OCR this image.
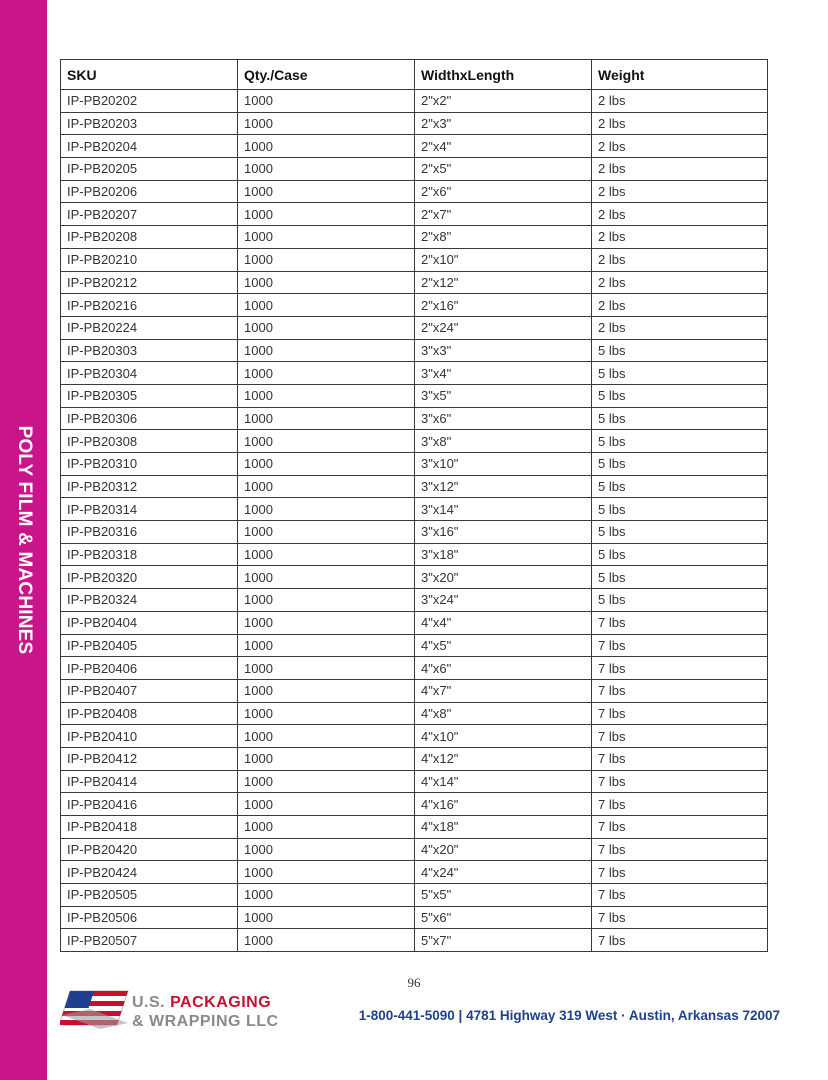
POLY FILM & MACHINES
SKU	Qty./Case	WidthxLength	Weight
IP-PB20202	1000	2"x2"	2 lbs
IP-PB20203	1000	2"x3"	2 lbs
IP-PB20204	1000	2"x4"	2 lbs
IP-PB20205	1000	2"x5"	2 lbs
IP-PB20206	1000	2"x6"	2 lbs
IP-PB20207	1000	2"x7"	2 lbs
IP-PB20208	1000	2"x8"	2 lbs
IP-PB20210	1000	2"x10"	2 lbs
IP-PB20212	1000	2"x12"	2 lbs
IP-PB20216	1000	2"x16"	2 lbs
IP-PB20224	1000	2"x24"	2 lbs
IP-PB20303	1000	3"x3"	5 lbs
IP-PB20304	1000	3"x4"	5 lbs
IP-PB20305	1000	3"x5"	5 lbs
IP-PB20306	1000	3"x6"	5 lbs
IP-PB20308	1000	3"x8"	5 lbs
IP-PB20310	1000	3"x10"	5 lbs
IP-PB20312	1000	3"x12"	5 lbs
IP-PB20314	1000	3"x14"	5 lbs
IP-PB20316	1000	3"x16"	5 lbs
IP-PB20318	1000	3"x18"	5 lbs
IP-PB20320	1000	3"x20"	5 lbs
IP-PB20324	1000	3"x24"	5 lbs
IP-PB20404	1000	4"x4"	7 lbs
IP-PB20405	1000	4"x5"	7 lbs
IP-PB20406	1000	4"x6"	7 lbs
IP-PB20407	1000	4"x7"	7 lbs
IP-PB20408	1000	4"x8"	7 lbs
IP-PB20410	1000	4"x10"	7 lbs
IP-PB20412	1000	4"x12"	7 lbs
IP-PB20414	1000	4"x14"	7 lbs
IP-PB20416	1000	4"x16"	7 lbs
IP-PB20418	1000	4"x18"	7 lbs
IP-PB20420	1000	4"x20"	7 lbs
IP-PB20424	1000	4"x24"	7 lbs
IP-PB20505	1000	5"x5"	7 lbs
IP-PB20506	1000	5"x6"	7 lbs
IP-PB20507	1000	5"x7"	7 lbs
96
U.S. PACKAGING
& WRAPPING LLC	1-800-441-5090 | 4781 Highway 319 West · Austin, Arkansas 72007
